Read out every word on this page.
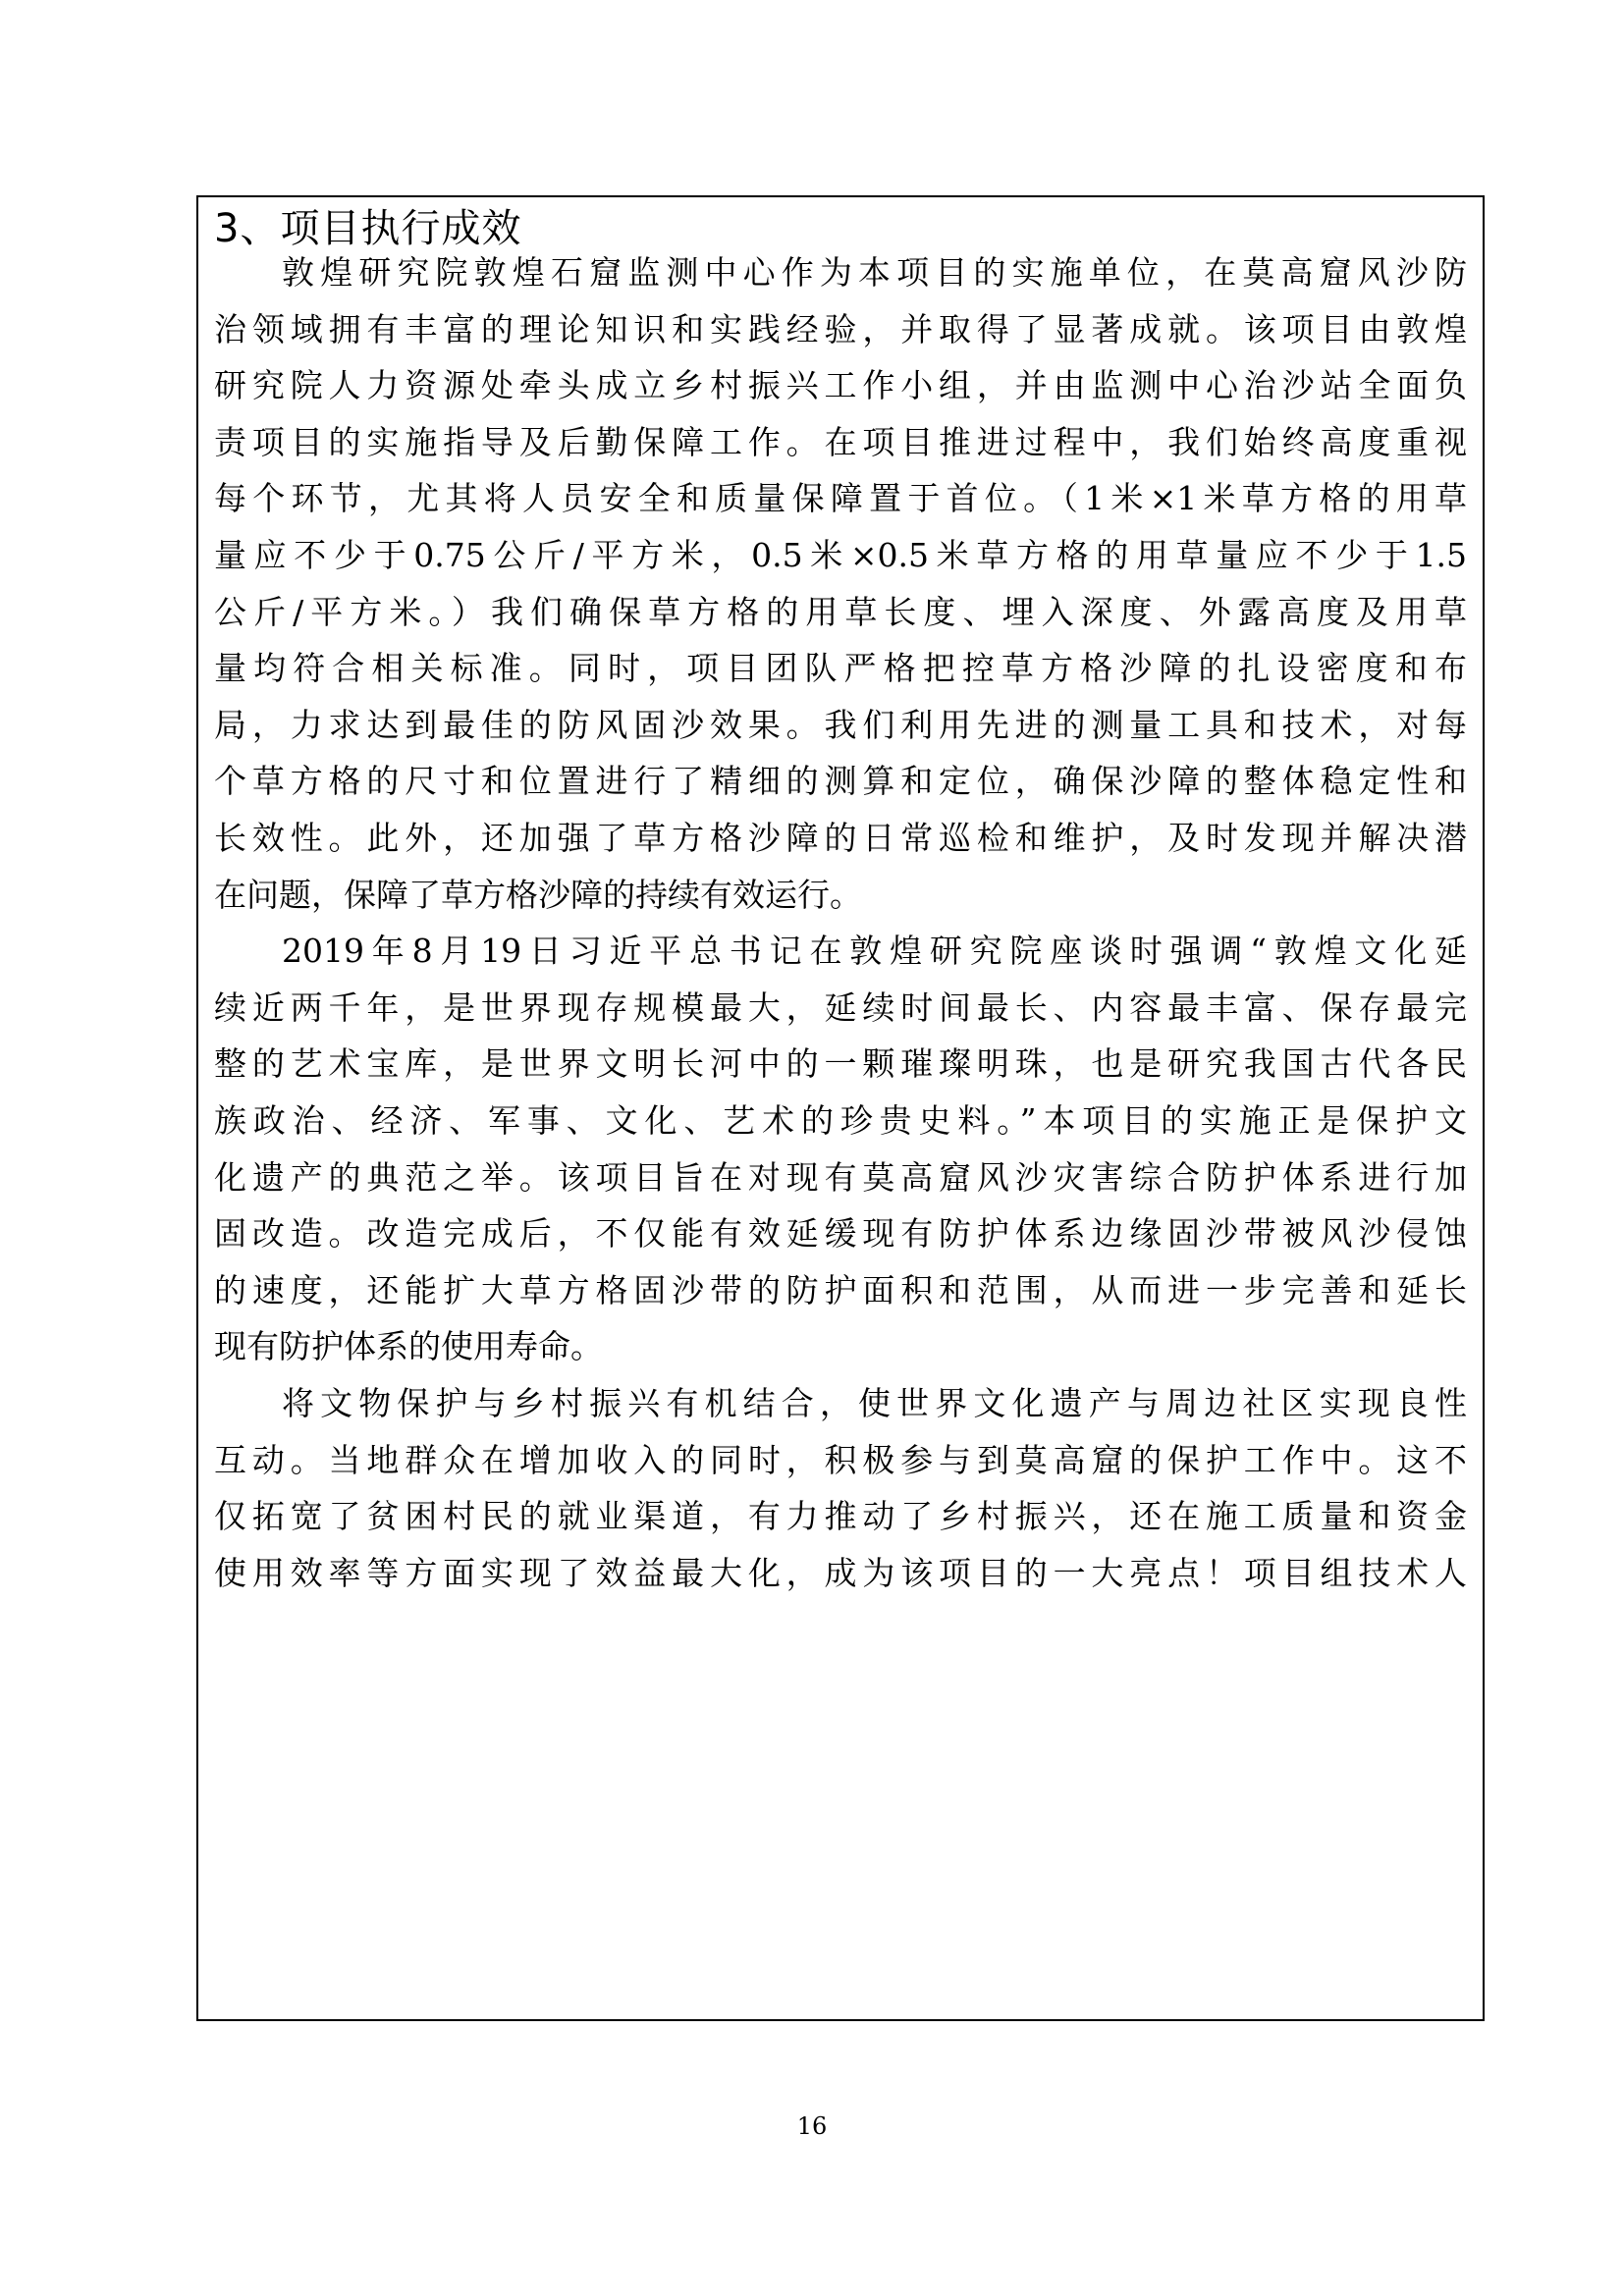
3、项目执行成效

敦煌研究院敦煌石窟监测中心作为本项目的实施单位，在莫高窟风沙防

治领域拥有丰富的理论知识和实践经验，并取得了显著成就。该项目由敦煌

研究院人力资源处牵头成立乡村振兴工作小组，并由监测中心治沙站全面负

责项目的实施指导及后勤保障工作。在项目推进过程中，我们始终高度重视

每个环节，尤其将人员安全和质量保障置于首位。（1米×1米草方格的用草

量应不少于0.75公斤/平方米，0.5米×0.5米草方格的用草量应不少于1.5

公斤/平方米。）我们确保草方格的用草长度、埋入深度、外露高度及用草

量均符合相关标准。同时，项目团队严格把控草方格沙障的扎设密度和布

局，力求达到最佳的防风固沙效果。我们利用先进的测量工具和技术，对每

个草方格的尺寸和位置进行了精细的测算和定位，确保沙障的整体稳定性和

长效性。此外，还加强了草方格沙障的日常巡检和维护，及时发现并解决潜

在问题，保障了草方格沙障的持续有效运行。

2019年8月19日习近平总书记在敦煌研究院座谈时强调“敦煌文化延

续近两千年，是世界现存规模最大，延续时间最长、内容最丰富、保存最完

整的艺术宝库，是世界文明长河中的一颗璀璨明珠，也是研究我国古代各民

族政治、经济、军事、文化、艺术的珍贵史料。”本项目的实施正是保护文

化遗产的典范之举。该项目旨在对现有莫高窟风沙灾害综合防护体系进行加

固改造。改造完成后，不仅能有效延缓现有防护体系边缘固沙带被风沙侵蚀

的速度，还能扩大草方格固沙带的防护面积和范围，从而进一步完善和延长

现有防护体系的使用寿命。

将文物保护与乡村振兴有机结合，使世界文化遗产与周边社区实现良性

互动。当地群众在增加收入的同时，积极参与到莫高窟的保护工作中。这不

仅拓宽了贫困村民的就业渠道，有力推动了乡村振兴，还在施工质量和资金

使用效率等方面实现了效益最大化，成为该项目的一大亮点！项目组技术人

16
